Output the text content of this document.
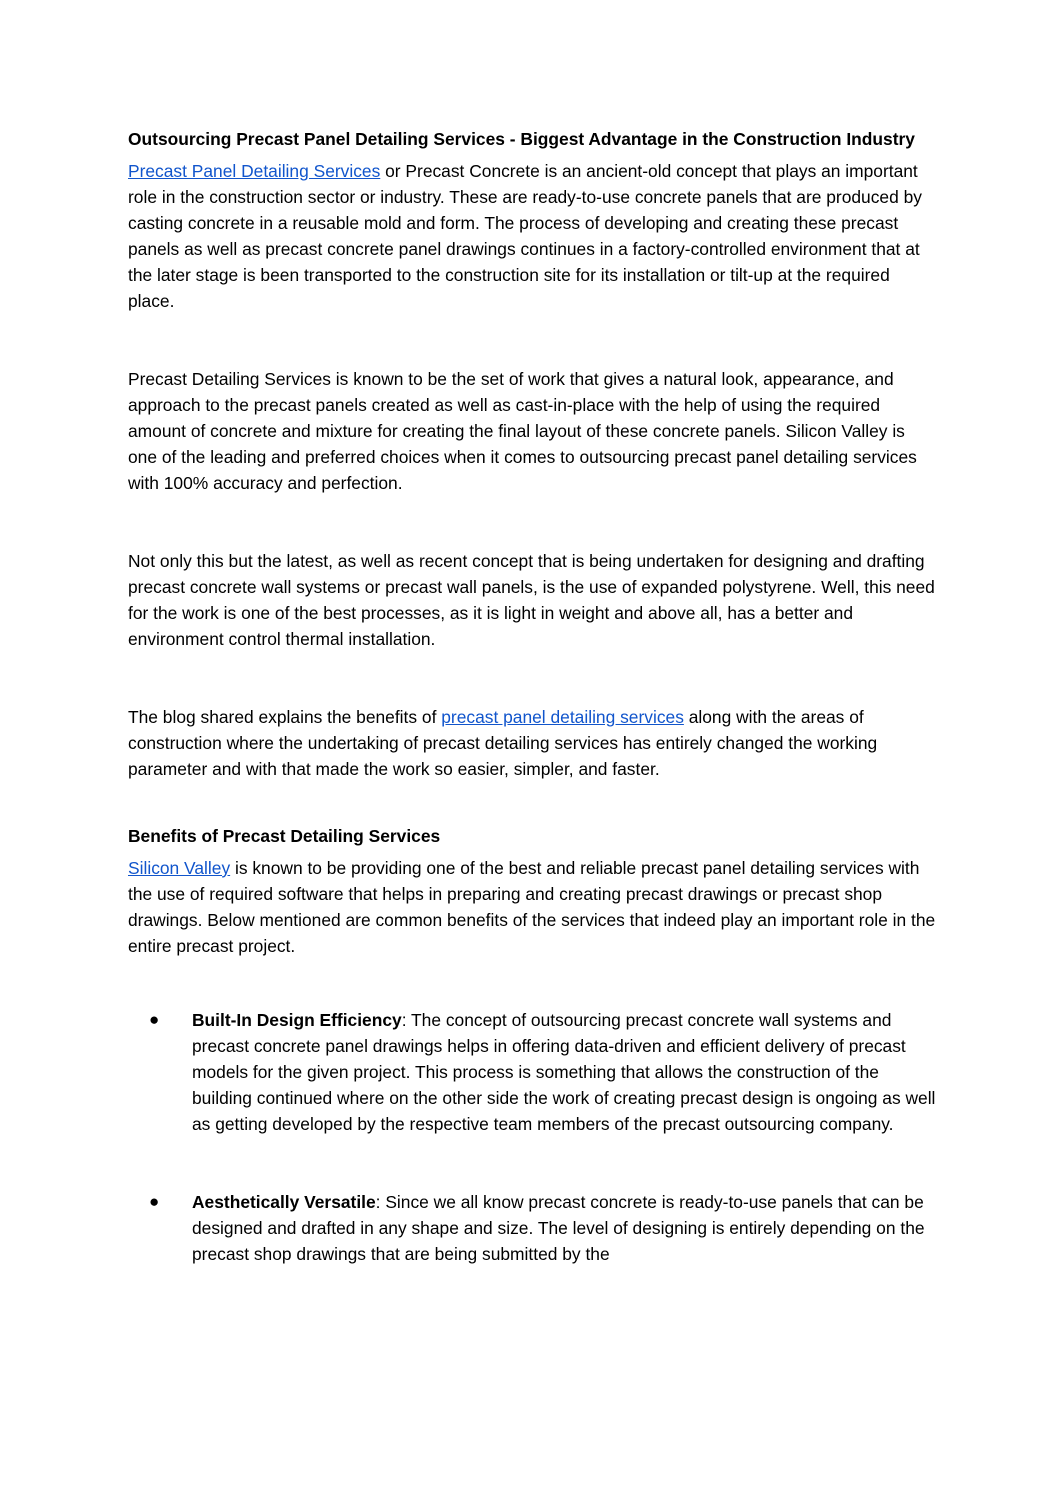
Outsourcing Precast Panel Detailing Services - Biggest Advantage in the Construction Industry

Precast Panel Detailing Services or Precast Concrete is an ancient-old concept that plays an important role in the construction sector or industry. These are ready-to-use concrete panels that are produced by casting concrete in a reusable mold and form. The process of developing and creating these precast panels as well as precast concrete panel drawings continues in a factory-controlled environment that at the later stage is been transported to the construction site for its installation or tilt-up at the required place.

Precast Detailing Services is known to be the set of work that gives a natural look, appearance, and approach to the precast panels created as well as cast-in-place with the help of using the required amount of concrete and mixture for creating the final layout of these concrete panels. Silicon Valley is one of the leading and preferred choices when it comes to outsourcing precast panel detailing services with 100% accuracy and perfection.

Not only this but the latest, as well as recent concept that is being undertaken for designing and drafting precast concrete wall systems or precast wall panels, is the use of expanded polystyrene. Well, this need for the work is one of the best processes, as it is light in weight and above all, has a better and environment control thermal installation.

The blog shared explains the benefits of precast panel detailing services along with the areas of construction where the undertaking of precast detailing services has entirely changed the working parameter and with that made the work so easier, simpler, and faster.

Benefits of Precast Detailing Services

Silicon Valley is known to be providing one of the best and reliable precast panel detailing services with the use of required software that helps in preparing and creating precast drawings or precast shop drawings. Below mentioned are common benefits of the services that indeed play an important role in the entire precast project.

● Built-In Design Efficiency: The concept of outsourcing precast concrete wall systems and precast concrete panel drawings helps in offering data-driven and efficient delivery of precast models for the given project. This process is something that allows the construction of the building continued where on the other side the work of creating precast design is ongoing as well as getting developed by the respective team members of the precast outsourcing company.
● Aesthetically Versatile: Since we all know precast concrete is ready-to-use panels that can be designed and drafted in any shape and size. The level of designing is entirely depending on the precast shop drawings that are being submitted by the
